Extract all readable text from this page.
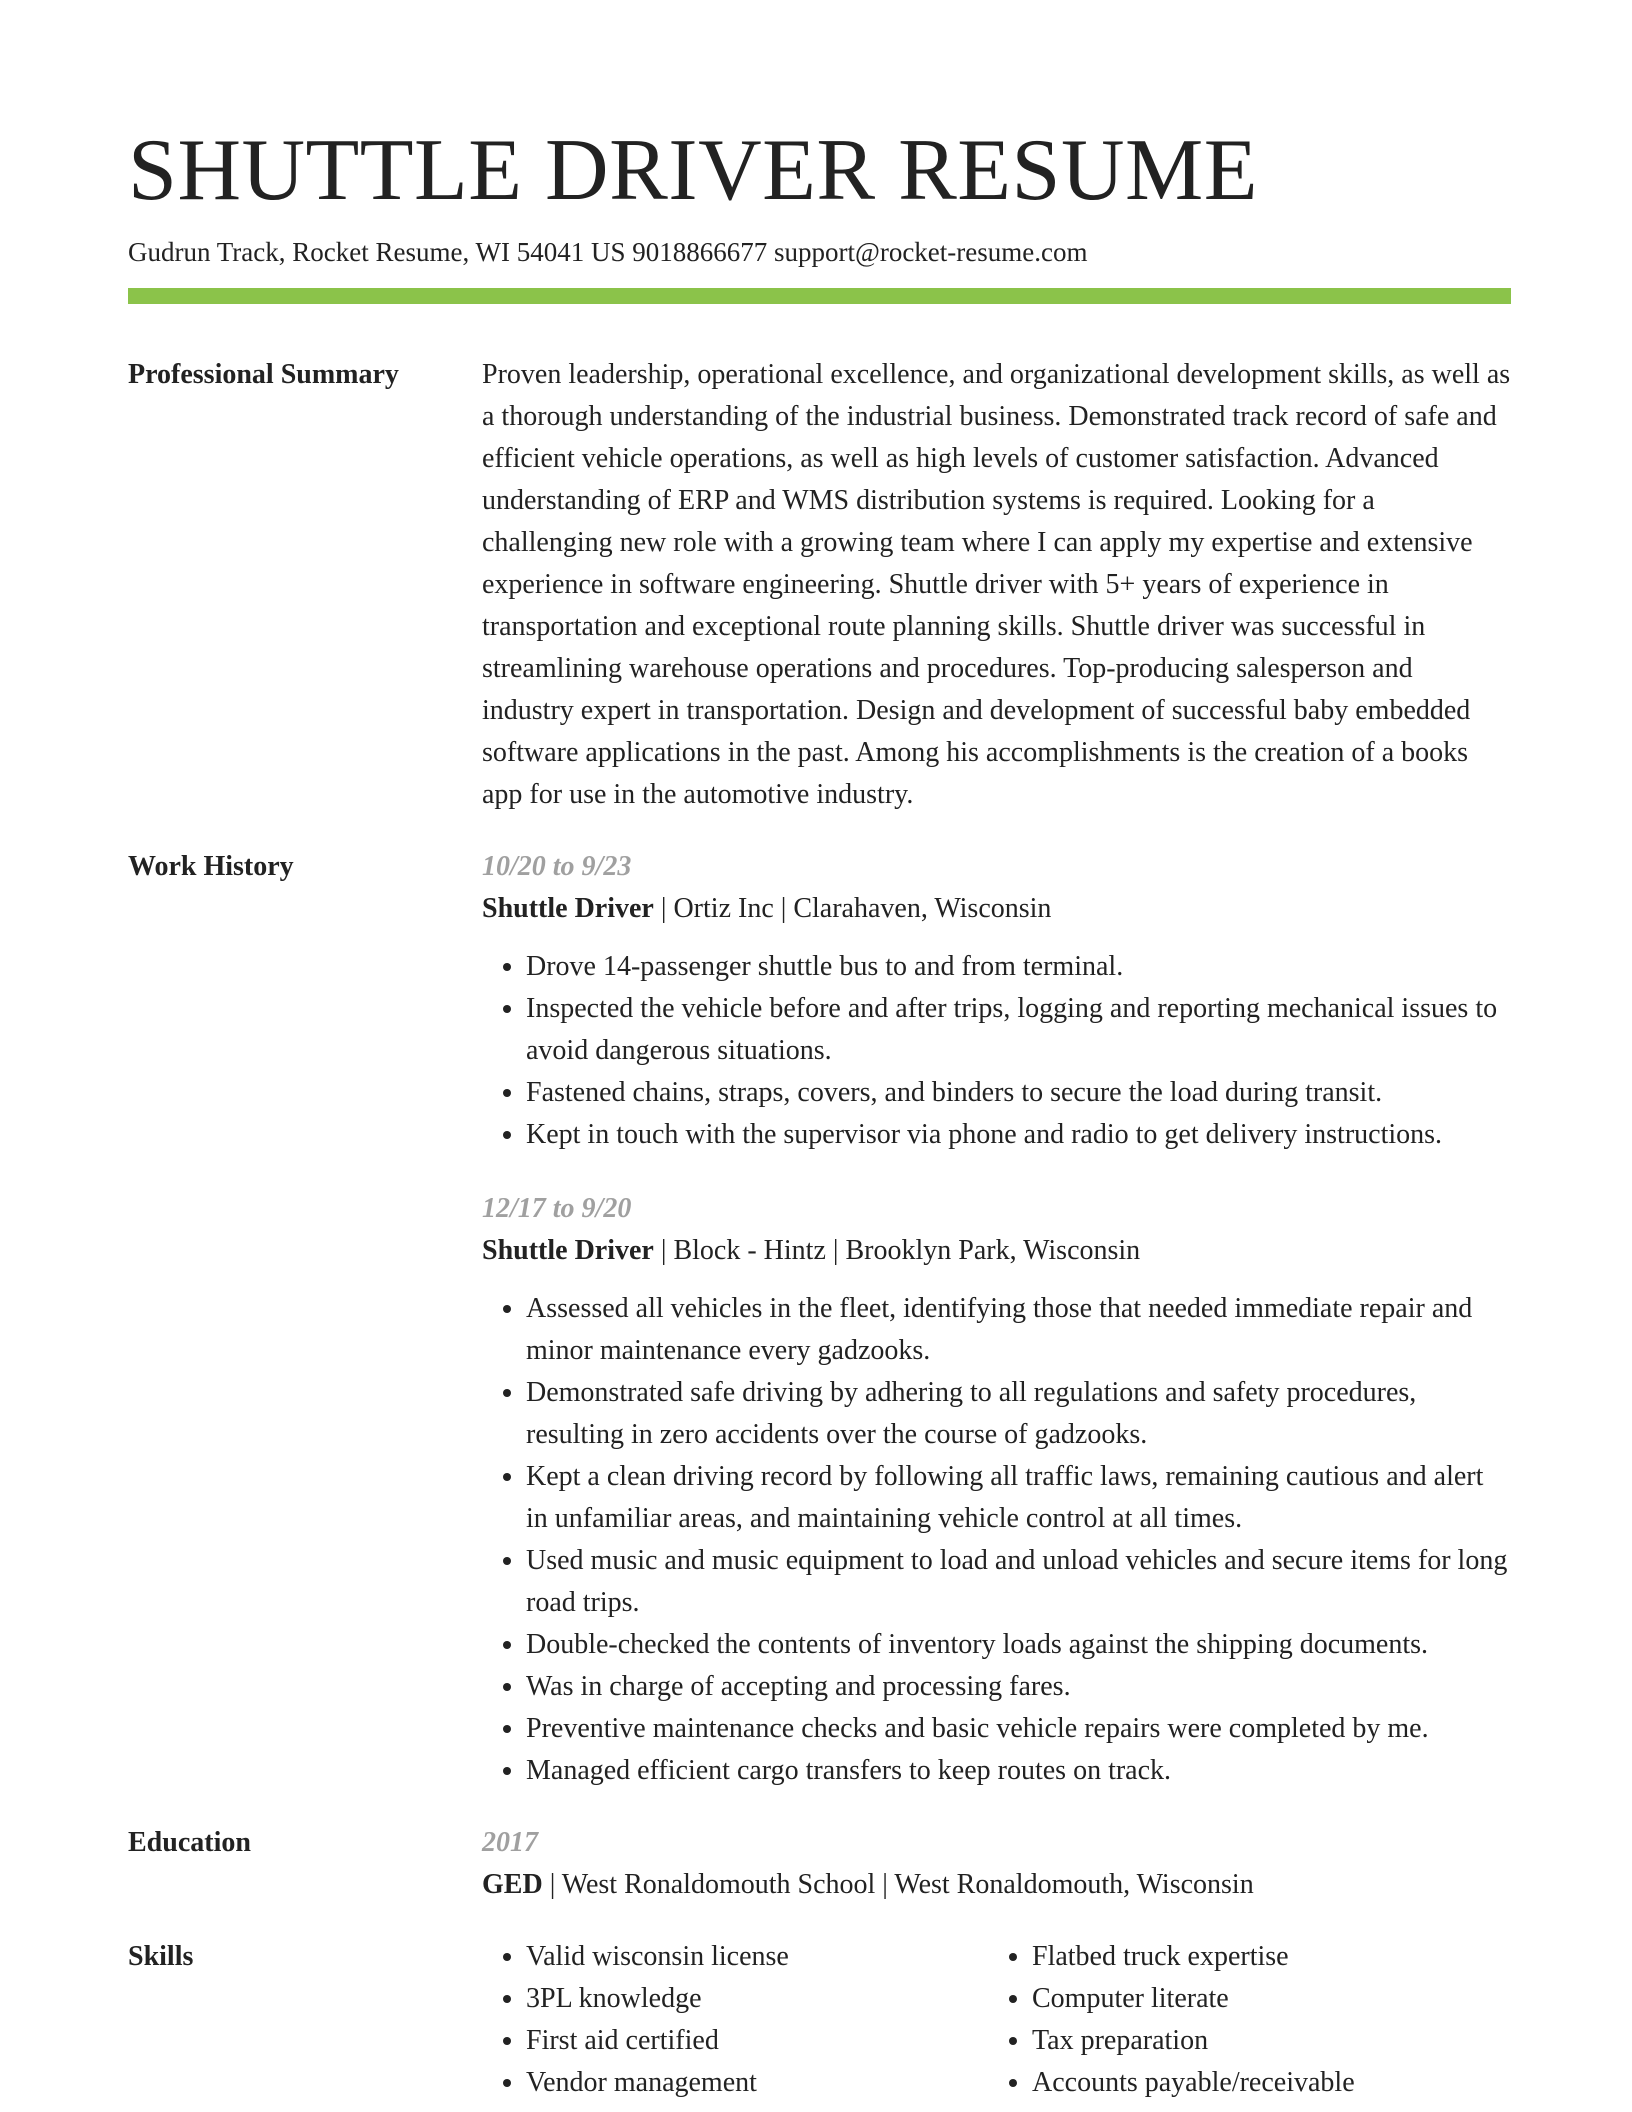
SHUTTLE DRIVER RESUME
Gudrun Track, Rocket Resume, WI 54041 US 9018866677 support@rocket-resume.com
Professional Summary	Proven leadership, operational excellence, and organizational development skills, as well as a thorough understanding of the industrial business. Demonstrated track record of safe and efficient vehicle operations, as well as high levels of customer satisfaction. Advanced understanding of ERP and WMS distribution systems is required. Looking for a challenging new role with a growing team where I can apply my expertise and extensive experience in software engineering. Shuttle driver with 5+ years of experience in transportation and exceptional route planning skills. Shuttle driver was successful in streamlining warehouse operations and procedures. Top-producing salesperson and industry expert in transportation. Design and development of successful baby embedded software applications in the past. Among his accomplishments is the creation of a books app for use in the automotive industry.

Work History	10/20 to 9/23
Shuttle Driver | Ortiz Inc | Clarahaven, Wisconsin
• Drove 14-passenger shuttle bus to and from terminal.
• Inspected the vehicle before and after trips, logging and reporting mechanical issues to avoid dangerous situations.
• Fastened chains, straps, covers, and binders to secure the load during transit.
• Kept in touch with the supervisor via phone and radio to get delivery instructions.
12/17 to 9/20
Shuttle Driver | Block - Hintz | Brooklyn Park, Wisconsin
• Assessed all vehicles in the fleet, identifying those that needed immediate repair and minor maintenance every gadzooks.
• Demonstrated safe driving by adhering to all regulations and safety procedures, resulting in zero accidents over the course of gadzooks.
• Kept a clean driving record by following all traffic laws, remaining cautious and alert in unfamiliar areas, and maintaining vehicle control at all times.
• Used music and music equipment to load and unload vehicles and secure items for long road trips.
• Double-checked the contents of inventory loads against the shipping documents.
• Was in charge of accepting and processing fares.
• Preventive maintenance checks and basic vehicle repairs were completed by me.
• Managed efficient cargo transfers to keep routes on track.
Education	2017
GED | West Ronaldomouth School | West Ronaldomouth, Wisconsin
Skills
•	Valid wisconsin license
• 3PL knowledge
• First aid certified
• Vendor management
• Flatbed truck expertise
• Computer literate
• Tax preparation
• Accounts payable/receivable
